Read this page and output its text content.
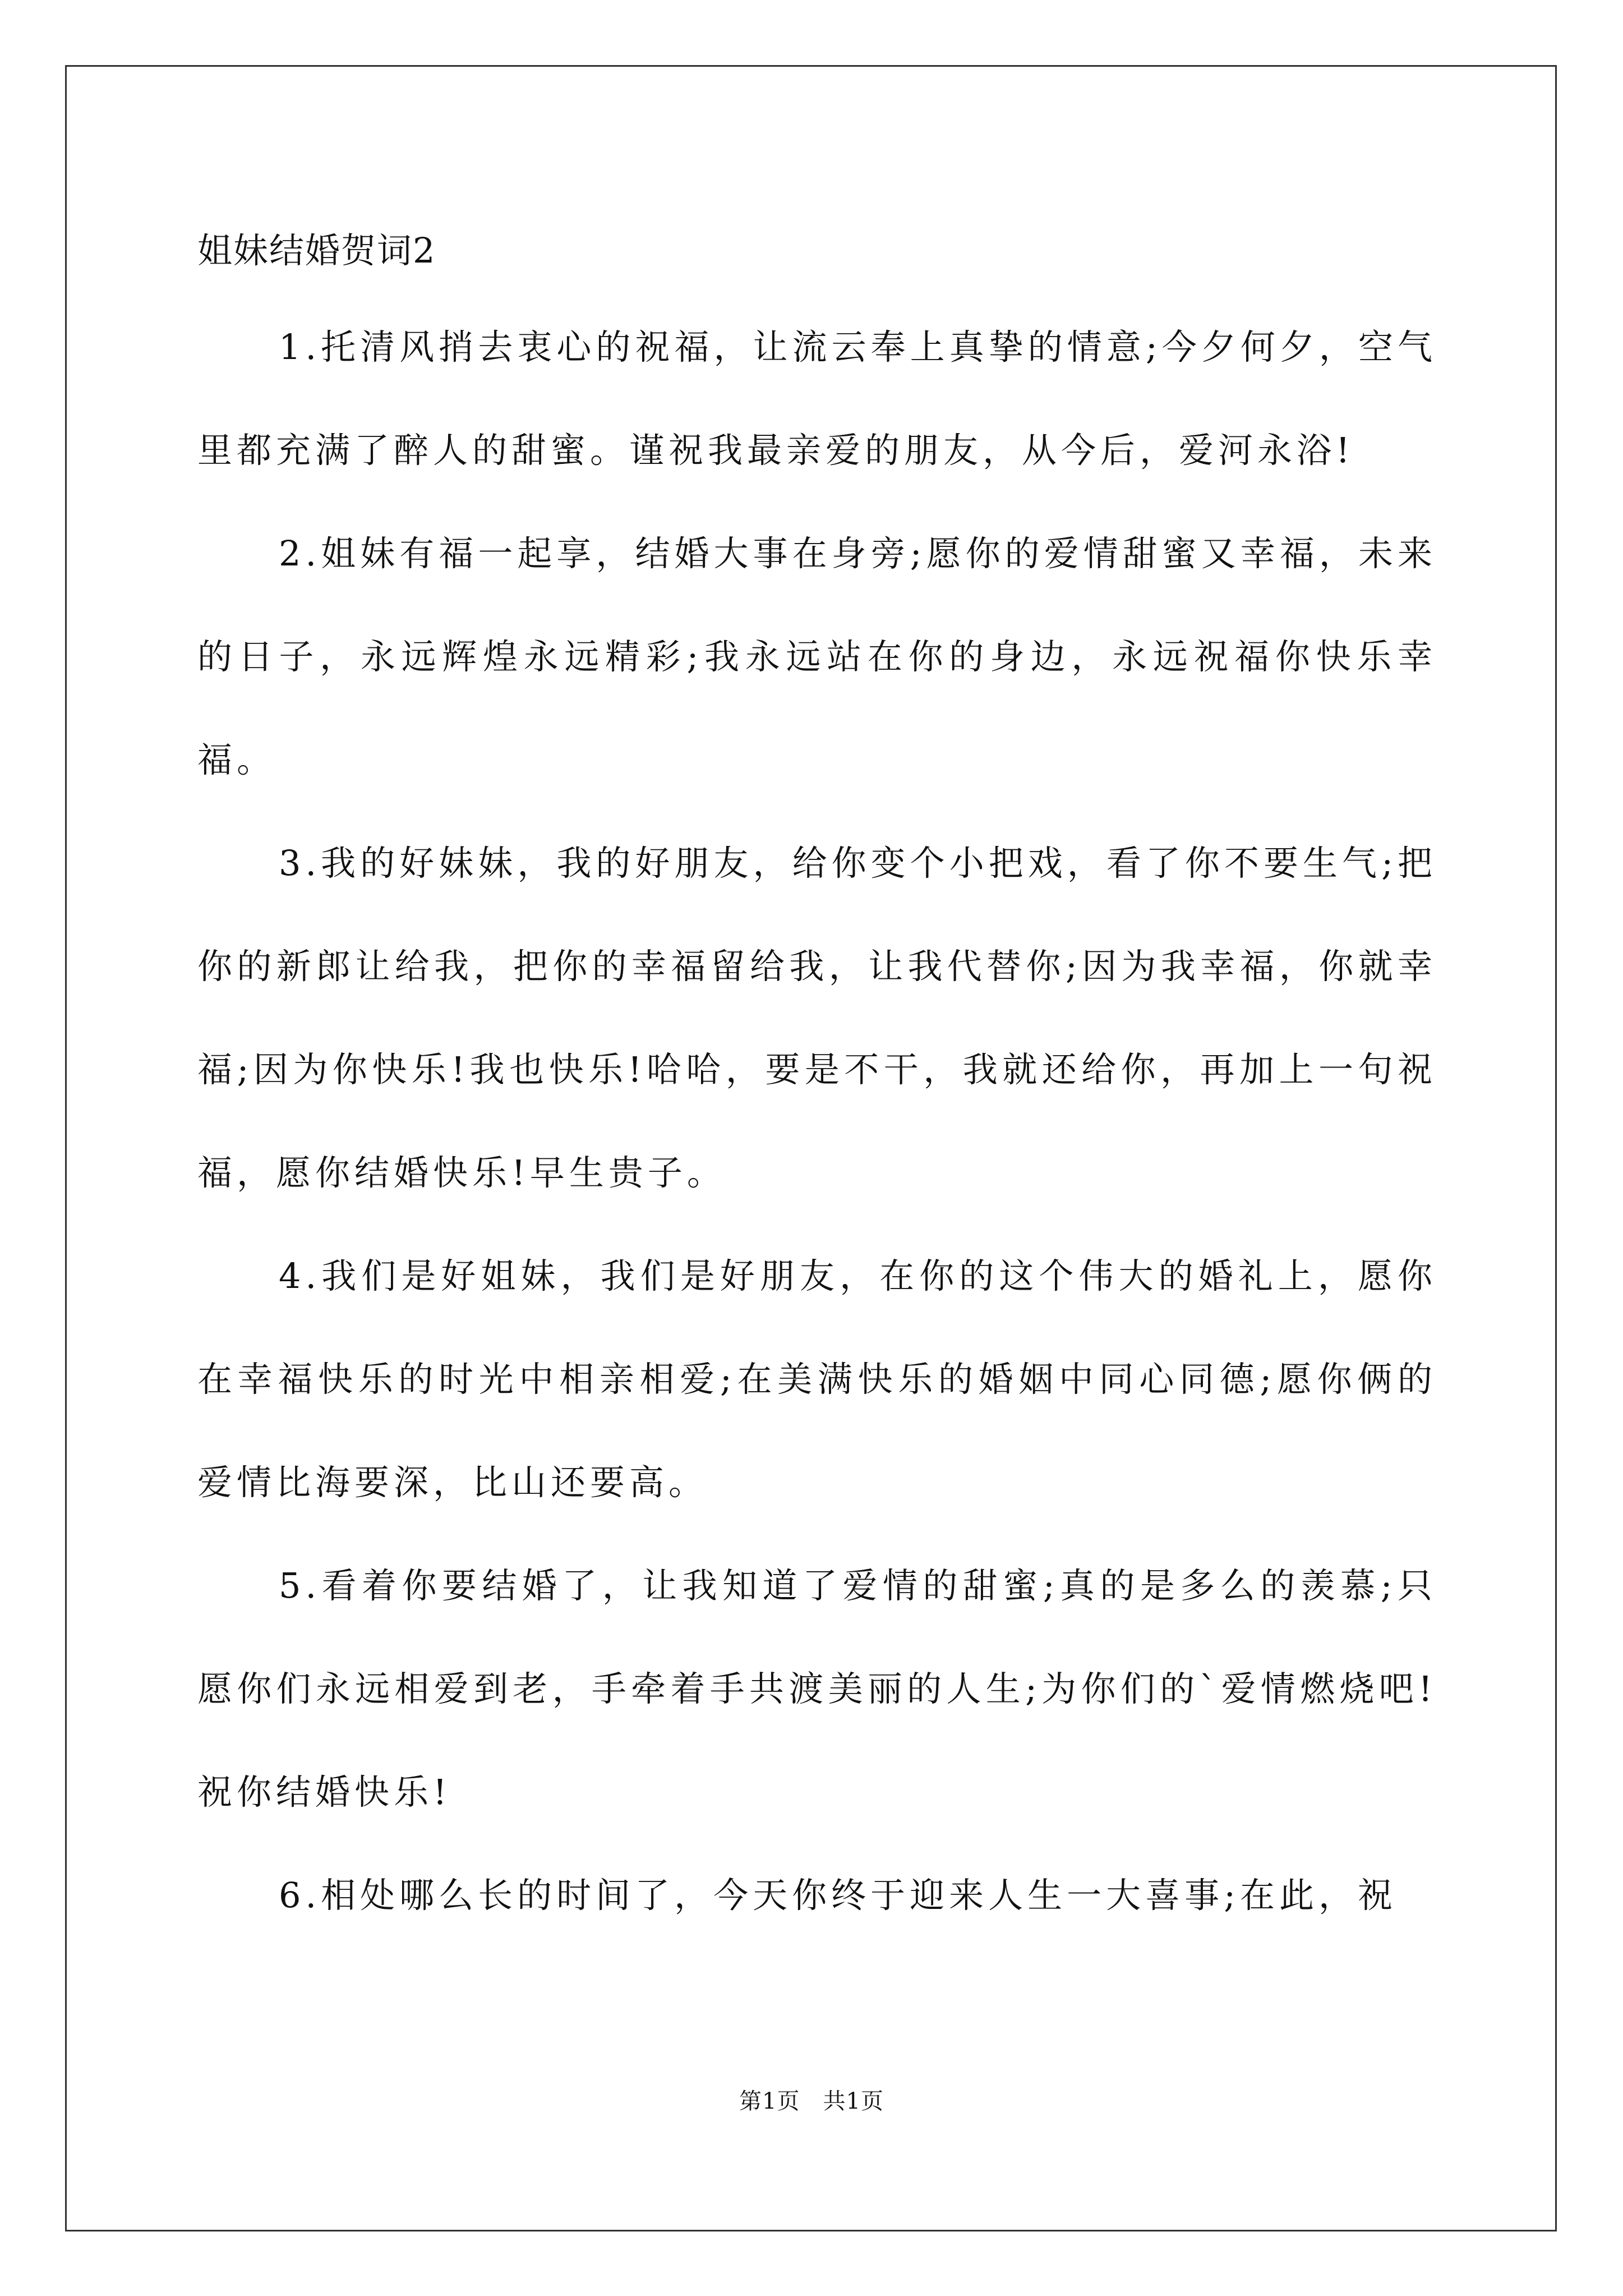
姐妹结婚贺词2

1.托清风捎去衷心的祝福，让流云奉上真挚的情意;今夕何夕，空气里都充满了醉人的甜蜜。谨祝我最亲爱的朋友，从今后，爱河永浴!

2.姐妹有福一起享，结婚大事在身旁;愿你的爱情甜蜜又幸福，未来的日子，永远辉煌永远精彩;我永远站在你的身边，永远祝福你快乐幸福。

3.我的好妹妹，我的好朋友，给你变个小把戏，看了你不要生气;把你的新郎让给我，把你的幸福留给我，让我代替你;因为我幸福，你就幸福;因为你快乐!我也快乐!哈哈，要是不干，我就还给你，再加上一句祝福，愿你结婚快乐!早生贵子。

4.我们是好姐妹，我们是好朋友，在你的这个伟大的婚礼上，愿你在幸福快乐的时光中相亲相爱;在美满快乐的婚姻中同心同德;愿你俩的爱情比海要深，比山还要高。

5.看着你要结婚了，让我知道了爱情的甜蜜;真的是多么的羡慕;只愿你们永远相爱到老，手牵着手共渡美丽的人生;为你们的`爱情燃烧吧!祝你结婚快乐!

6.相处哪么长的时间了，今天你终于迎来人生一大喜事;在此，祝

第1页　共1页
